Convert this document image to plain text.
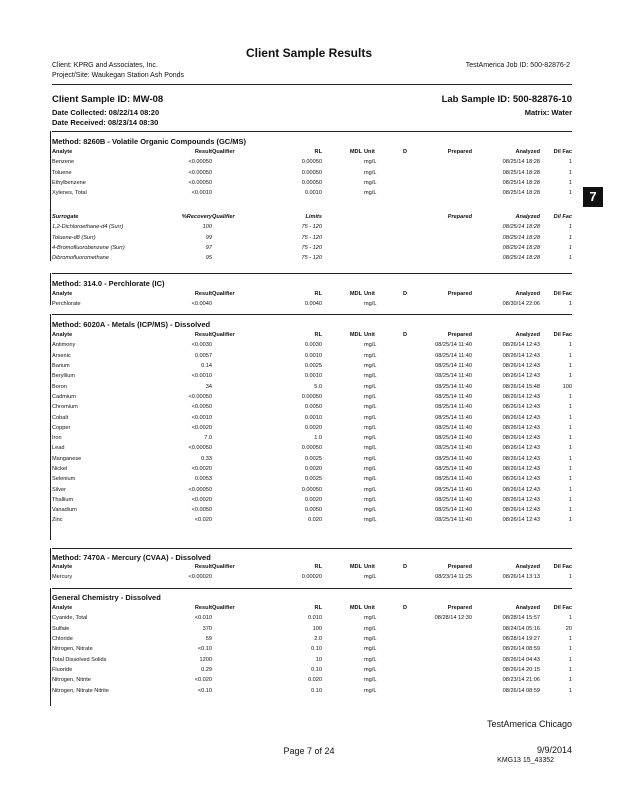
Client Sample Results
Client: KPRG and Associates, Inc.
Project/Site: Waukegan Station Ash Ponds
TestAmerica Job ID: 500-82876-2
Client Sample ID: MW-08	Lab Sample ID: 500-82876-10
Date Collected: 08/22/14 08:20	Matrix: Water
Date Received: 08/23/14 08:30
7
Method: 8260B - Volatile Organic Compounds (GC/MS)
Analyte	Result	Qualifier	RL	MDL	Unit	D	Prepared	Analyzed	Dil Fac
Benzene	<0.00050		0.00050		mg/L			08/25/14 18:28	1
Toluene	<0.00050		0.00050		mg/L			08/25/14 18:28	1
Ethylbenzene	<0.00050		0.00050		mg/L			08/25/14 18:28	1
Xylenes, Total	<0.0010		0.0010		mg/L			08/25/14 18:28	1
Surrogate	%Recovery	Qualifier	Limits				Prepared	Analyzed	Dil Fac
1,2-Dichloroethane-d4 (Surr)	100		75 - 120					08/25/14 18:28	1
Toluene-d8 (Surr)	99		75 - 120					08/25/14 18:28	1
4-Bromofluorobenzene (Surr)	97		75 - 120					08/25/14 18:28	1
Dibromofluoromethane	95		75 - 120					08/25/14 18:28	1
Method: 314.0 - Perchlorate (IC)
Analyte	Result	Qualifier	RL	MDL	Unit	D	Prepared	Analyzed	Dil Fac
Perchlorate	<0.0040		0.0040		mg/L			08/30/14 22:06	1
Method: 6020A - Metals (ICP/MS) - Dissolved
Analyte	Result	Qualifier	RL	MDL	Unit	D	Prepared	Analyzed	Dil Fac
Antimony	<0.0030		0.0030		mg/L		08/25/14 11:40	08/26/14 12:43	1
Arsenic	0.0057		0.0010		mg/L		08/25/14 11:40	08/26/14 12:43	1
Barium	0.14		0.0025		mg/L		08/25/14 11:40	08/26/14 12:43	1
Beryllium	<0.0010		0.0010		mg/L		08/25/14 11:40	08/26/14 12:43	1
Boron	34		5.0		mg/L		08/25/14 11:40	08/26/14 15:48	100
Cadmium	<0.00050		0.00050		mg/L		08/25/14 11:40	08/26/14 12:43	1
Chromium	<0.0050		0.0050		mg/L		08/25/14 11:40	08/26/14 12:43	1
Cobalt	<0.0010		0.0010		mg/L		08/25/14 11:40	08/26/14 12:43	1
Copper	<0.0020		0.0020		mg/L		08/25/14 11:40	08/26/14 12:43	1
Iron	7.0		1.0		mg/L		08/25/14 11:40	08/26/14 12:43	1
Lead	<0.00050		0.00050		mg/L		08/25/14 11:40	08/26/14 12:43	1
Manganese	0.33		0.0025		mg/L		08/25/14 11:40	08/26/14 12:43	1
Nickel	<0.0020		0.0020		mg/L		08/25/14 11:40	08/26/14 12:43	1
Selenium	0.0053		0.0025		mg/L		08/25/14 11:40	08/26/14 12:43	1
Silver	<0.00050		0.00050		mg/L		08/25/14 11:40	08/26/14 12:43	1
Thallium	<0.0020		0.0020		mg/L		08/25/14 11:40	08/26/14 12:43	1
Vanadium	<0.0050		0.0050		mg/L		08/25/14 11:40	08/26/14 12:43	1
Zinc	<0.020		0.020		mg/L		08/25/14 11:40	08/26/14 12:43	1
Method: 7470A - Mercury (CVAA) - Dissolved
Analyte	Result	Qualifier	RL	MDL	Unit	D	Prepared	Analyzed	Dil Fac
Mercury	<0.00020		0.00020		mg/L		08/23/14 11:25	08/26/14 13:13	1
General Chemistry - Dissolved
Analyte	Result	Qualifier	RL	MDL	Unit	D	Prepared	Analyzed	Dil Fac
Cyanide, Total	<0.010		0.010		mg/L		08/28/14 12:30	08/28/14 15:57	1
Sulfate	370		100		mg/L			08/24/14 05:16	20
Chloride	59		2.0		mg/L			08/28/14 19:27	1
Nitrogen, Nitrate	<0.10		0.10		mg/L			08/26/14 08:59	1
Total Dissolved Solids	1200		10		mg/L			08/26/14 04:43	1
Fluoride	0.29		0.10		mg/L			08/26/14 20:15	1
Nitrogen, Nitrite	<0.020		0.020		mg/L			08/23/14 21:06	1
Nitrogen, Nitrate Nitrite	<0.10		0.10		mg/L			08/26/14 08:59	1
TestAmerica Chicago
Page 7 of 24	9/9/2014
KMG13 15_43352
